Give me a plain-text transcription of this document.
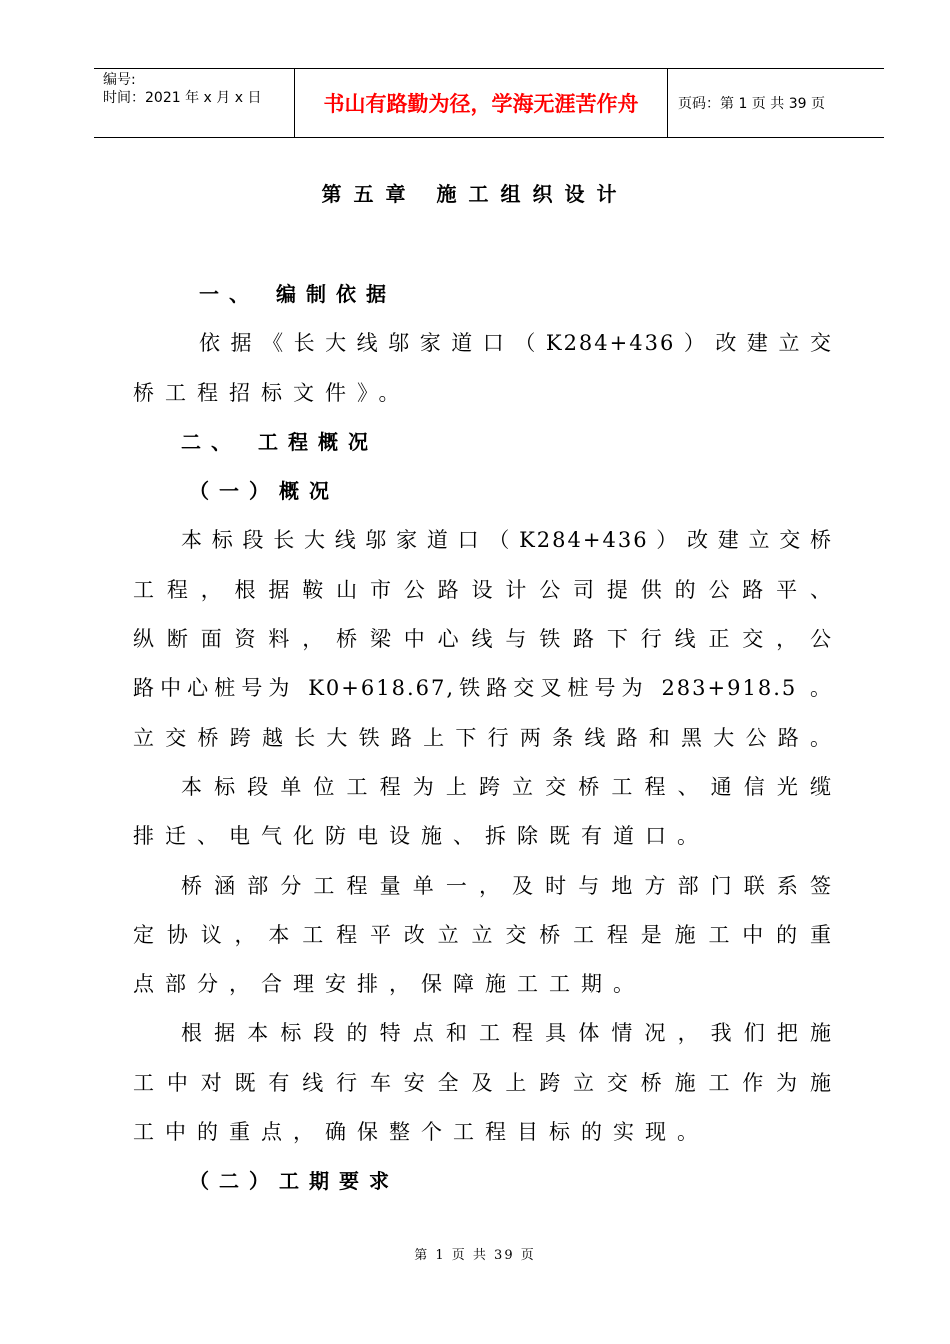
编号:
时间：2021 年 x 月 x 日	书山有路勤为径，学海无涯苦作舟	页码：第 1 页 共 39 页
第五章 施工组织设计
一、 编制依据
依据《长大线邬家道口（K284+436）改建立交
桥工程招标文件》。
二、 工程概况
（一）概况
本标段长大线邬家道口（K284+436）改建立交桥
工程，根据鞍山市公路设计公司提供的公路平、
纵断面资料，桥梁中心线与铁路下行线正交，公
路中心桩号为 K0+618.67,铁路交叉桩号为 283+918.5 。
立交桥跨越长大铁路上下行两条线路和黑大公路。
本标段单位工程为上跨立交桥工程、通信光缆
排迁、电气化防电设施、拆除既有道口。
桥涵部分工程量单一，及时与地方部门联系签
定协议，本工程平改立立交桥工程是施工中的重
点部分，合理安排，保障施工工期。
根据本标段的特点和工程具体情况，我们把施
工中对既有线行车安全及上跨立交桥施工作为施
工中的重点，确保整个工程目标的实现。
（二）工期要求
第 1 页 共 39 页
